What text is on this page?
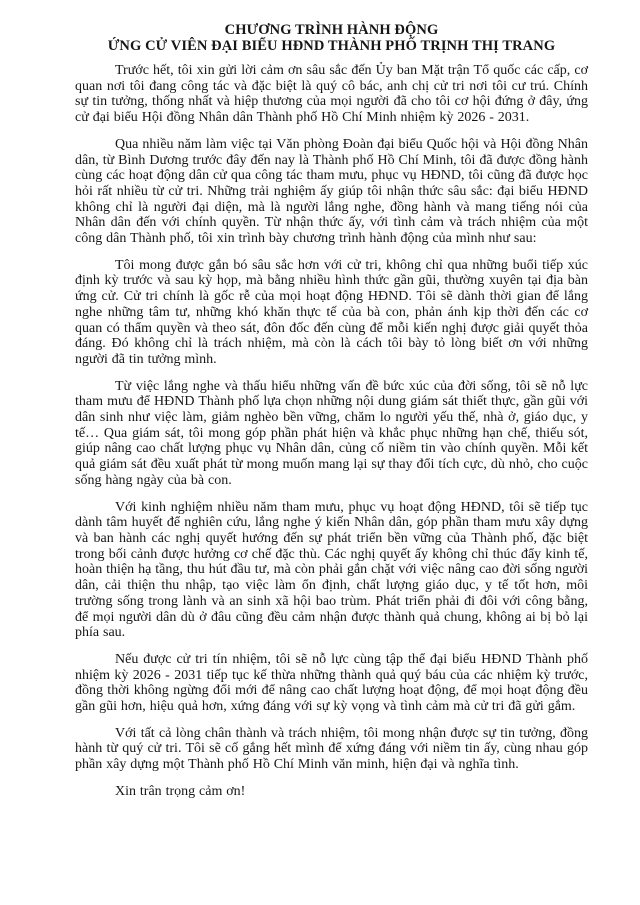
CHƯƠNG TRÌNH HÀNH ĐỘNG
ỨNG CỬ VIÊN ĐẠI BIỂU HĐND THÀNH PHỐ TRỊNH THỊ TRANG

Trước hết, tôi xin gửi lời cảm ơn sâu sắc đến Ủy ban Mặt trận Tổ quốc các cấp, cơ quan nơi tôi đang công tác và đặc biệt là quý cô bác, anh chị cử tri nơi tôi cư trú. Chính sự tin tưởng, thống nhất và hiệp thương của mọi người đã cho tôi cơ hội đứng ở đây, ứng cử đại biểu Hội đồng Nhân dân Thành phố Hồ Chí Minh nhiệm kỳ 2026 - 2031.

Qua nhiều năm làm việc tại Văn phòng Đoàn đại biểu Quốc hội và Hội đồng Nhân dân, từ Bình Dương trước đây đến nay là Thành phố Hồ Chí Minh, tôi đã được đồng hành cùng các hoạt động dân cử qua công tác tham mưu, phục vụ HĐND, tôi cũng đã được học hỏi rất nhiều từ cử tri. Những trải nghiệm ấy giúp tôi nhận thức sâu sắc: đại biểu HĐND không chỉ là người đại diện, mà là người lắng nghe, đồng hành và mang tiếng nói của Nhân dân đến với chính quyền. Từ nhận thức ấy, với tình cảm và trách nhiệm của một công dân Thành phố, tôi xin trình bày chương trình hành động của mình như sau:

Tôi mong được gắn bó sâu sắc hơn với cử tri, không chỉ qua những buổi tiếp xúc định kỳ trước và sau kỳ họp, mà bằng nhiều hình thức gần gũi, thường xuyên tại địa bàn ứng cử. Cử tri chính là gốc rễ của mọi hoạt động HĐND. Tôi sẽ dành thời gian để lắng nghe những tâm tư, những khó khăn thực tế của bà con, phản ánh kịp thời đến các cơ quan có thẩm quyền và theo sát, đôn đốc đến cùng để mỗi kiến nghị được giải quyết thỏa đáng. Đó không chỉ là trách nhiệm, mà còn là cách tôi bày tỏ lòng biết ơn với những người đã tin tưởng mình.

Từ việc lắng nghe và thấu hiểu những vấn đề bức xúc của đời sống, tôi sẽ nỗ lực tham mưu để HĐND Thành phố lựa chọn những nội dung giám sát thiết thực, gần gũi với dân sinh như việc làm, giảm nghèo bền vững, chăm lo người yếu thế, nhà ở, giáo dục, y tế… Qua giám sát, tôi mong góp phần phát hiện và khắc phục những hạn chế, thiếu sót, giúp nâng cao chất lượng phục vụ Nhân dân, củng cố niềm tin vào chính quyền. Mỗi kết quả giám sát đều xuất phát từ mong muốn mang lại sự thay đổi tích cực, dù nhỏ, cho cuộc sống hàng ngày của bà con.

Với kinh nghiệm nhiều năm tham mưu, phục vụ hoạt động HĐND, tôi sẽ tiếp tục dành tâm huyết để nghiên cứu, lắng nghe ý kiến Nhân dân, góp phần tham mưu xây dựng và ban hành các nghị quyết hướng đến sự phát triển bền vững của Thành phố, đặc biệt trong bối cảnh được hưởng cơ chế đặc thù. Các nghị quyết ấy không chỉ thúc đẩy kinh tế, hoàn thiện hạ tầng, thu hút đầu tư, mà còn phải gắn chặt với việc nâng cao đời sống người dân, cải thiện thu nhập, tạo việc làm ổn định, chất lượng giáo dục, y tế tốt hơn, môi trường sống trong lành và an sinh xã hội bao trùm. Phát triển phải đi đôi với công bằng, để mọi người dân dù ở đâu cũng đều cảm nhận được thành quả chung, không ai bị bỏ lại phía sau.

Nếu được cử tri tín nhiệm, tôi sẽ nỗ lực cùng tập thể đại biểu HĐND Thành phố nhiệm kỳ 2026 - 2031 tiếp tục kế thừa những thành quả quý báu của các nhiệm kỳ trước, đồng thời không ngừng đổi mới để nâng cao chất lượng hoạt động, để mọi hoạt động đều gần gũi hơn, hiệu quả hơn, xứng đáng với sự kỳ vọng và tình cảm mà cử tri đã gửi gắm.

Với tất cả lòng chân thành và trách nhiệm, tôi mong nhận được sự tin tưởng, đồng hành từ quý cử tri. Tôi sẽ cố gắng hết mình để xứng đáng với niềm tin ấy, cùng nhau góp phần xây dựng một Thành phố Hồ Chí Minh văn minh, hiện đại và nghĩa tình.

Xin trân trọng cảm ơn!
